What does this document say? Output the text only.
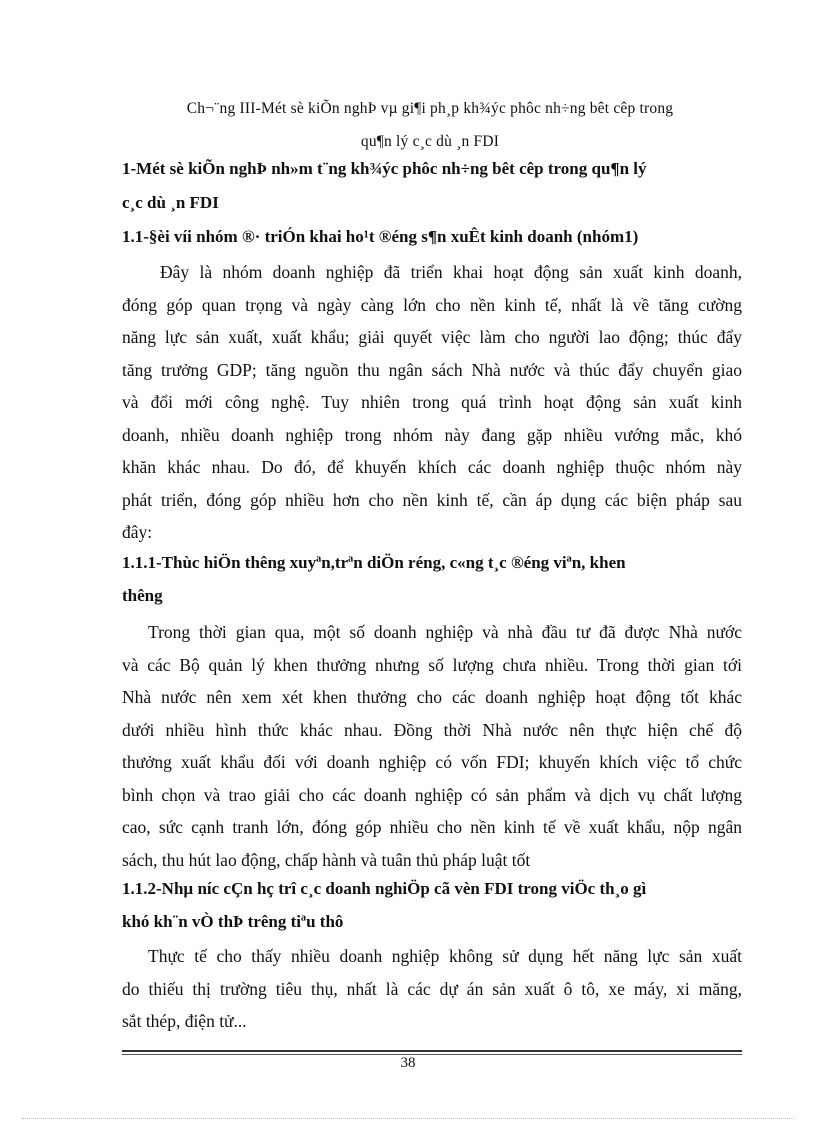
Ch¬¨ng III-Mét sè kiÕn nghÞ vµ gi¶i ph¸p kh¾ýc phôc nh÷ng bêt cêp trong
qu¶n lý c¸c dù ¸n FDI
1-Mét sè kiÕn nghÞ nh»m t¨ng kh¾ýc phôc nh÷ng bêt cêp trong qu¶n lý
c¸c dù ¸n FDI
1.1-§èi víi nhóm ®· triÓn khai ho¹t ®éng s¶n xuÊt kinh doanh (nhóm1)
Đây là nhóm doanh nghiệp đã triển khai hoạt động sản xuất kinh doanh,
đóng góp quan trọng và ngày càng lớn cho nền kinh tế, nhất là về tăng cường
năng lực sản xuất, xuất khẩu; giải quyết việc làm cho người lao động; thúc đẩy
tăng trưởng GDP; tăng nguồn thu ngân sách Nhà nước và thúc đẩy chuyển giao
và đổi mới công nghệ. Tuy nhiên trong quá trình hoạt động sản xuất kinh
doanh, nhiều doanh nghiệp trong nhóm này đang gặp nhiều vướng mắc, khó
khăn khác nhau. Do đó, để khuyến khích các doanh nghiệp thuộc nhóm này
phát triển, đóng góp nhiều hơn cho nền kinh tế, cần áp dụng các biện pháp sau
đây:
1.1.1-Thùc hiÖn thêng xuyªn,trªn diÖn réng, c«ng t¸c ®éng viªn, khen
thêng
Trong thời gian qua, một số doanh nghiệp và nhà đầu tư đã được Nhà nước
và các Bộ quản lý khen thưởng nhưng số lượng chưa nhiều. Trong thời gian tới
Nhà nước nên xem xét khen thưởng cho các doanh nghiệp hoạt động tốt khác
dưới nhiều hình thức khác nhau. Đồng thời Nhà nước nên thực hiện chế độ
thưởng xuất khẩu đối với doanh nghiệp có vốn FDI; khuyến khích việc tổ chức
bình chọn và trao giải cho các doanh nghiệp có sản phẩm và dịch vụ chất lượng
cao, sức cạnh tranh lớn, đóng góp nhiều cho nền kinh tế về xuất khẩu, nộp ngân
sách, thu hút lao động, chấp hành và tuân thủ pháp luật tốt
1.1.2-Nhµ níc cÇn hç trî c¸c doanh nghiÖp cã vèn FDI trong viÖc th¸o gì
khó kh¨n vÒ thÞ trêng tiªu thô
Thực tế cho thấy nhiều doanh nghiệp không sử dụng hết năng lực sản xuất
do thiếu thị trường tiêu thụ, nhất là các dự án sản xuất ô tô, xe máy, xi măng,
sắt thép, điện tử...
38
